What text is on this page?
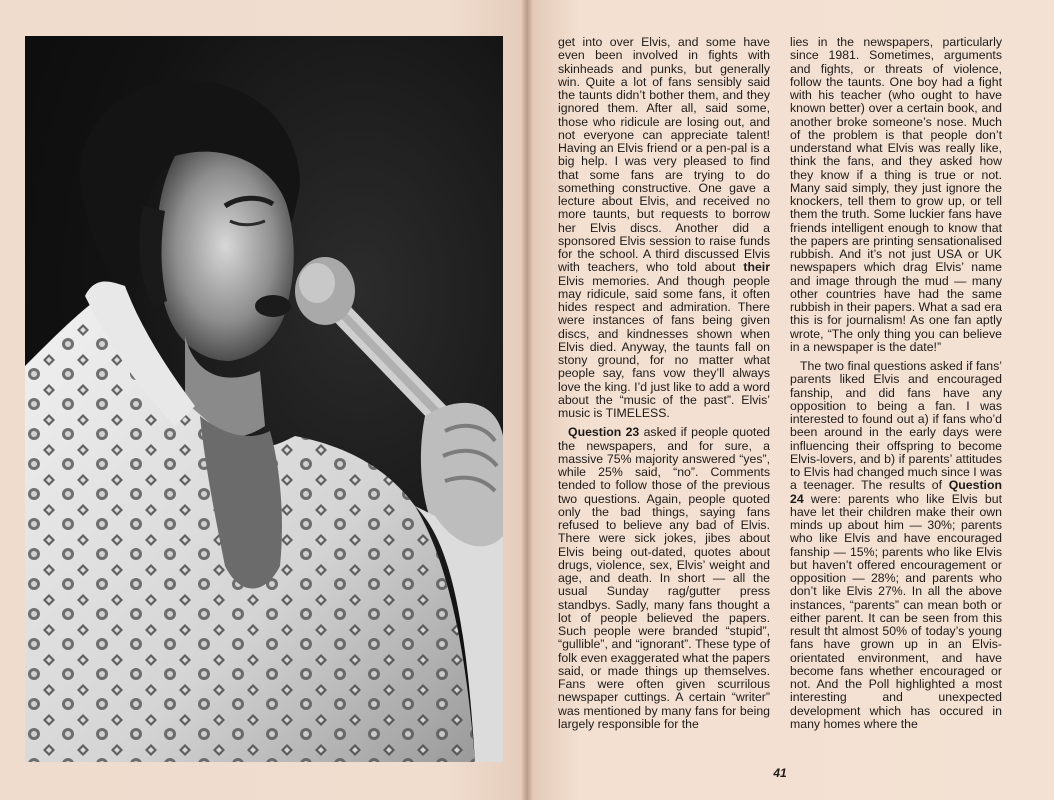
get into over Elvis, and some have even been involved in fights with skinheads and punks, but generally win. Quite a lot of fans sensibly said the taunts didn’t bother them, and they ignored them. After all, said some, those who ridicule are losing out, and not everyone can appreciate talent! Having an Elvis friend or a pen-pal is a big help. I was very pleased to find that some fans are trying to do something constructive. One gave a lecture about Elvis, and received no more taunts, but requests to borrow her Elvis discs. Another did a sponsored Elvis session to raise funds for the school. A third discussed Elvis with teachers, who told about their Elvis memories. And though people may ridicule, said some fans, it often hides respect and admiration. There were instances of fans being given discs, and kindnesses shown when Elvis died. Anyway, the taunts fall on stony ground, for no matter what people say, fans vow they’ll always love the king. I’d just like to add a word about the “music of the past”. Elvis’ music is TIMELESS.

Question 23 asked if people quoted the newspapers, and for sure, a massive 75% majority answered “yes”, while 25% said, “no”. Comments tended to follow those of the previous two questions. Again, people quoted only the bad things, saying fans refused to believe any bad of Elvis. There were sick jokes, jibes about Elvis being out-dated, quotes about drugs, violence, sex, Elvis’ weight and age, and death. In short — all the usual Sunday rag/gutter press standbys. Sadly, many fans thought a lot of people believed the papers. Such people were branded “stupid”, “gullible”, and “ignorant”. These type of folk even exaggerated what the papers said, or made things up themselves. Fans were often given scurrilous newspaper cuttings. A certain “writer” was mentioned by many fans for being largely responsible for the

lies in the newspapers, particularly since 1981. Sometimes, arguments and fights, or threats of violence, follow the taunts. One boy had a fight with his teacher (who ought to have known better) over a certain book, and another broke someone’s nose. Much of the problem is that people don’t understand what Elvis was really like, think the fans, and they asked how they know if a thing is true or not. Many said simply, they just ignore the knockers, tell them to grow up, or tell them the truth. Some luckier fans have friends intelligent enough to know that the papers are printing sensationalised rubbish. And it’s not just USA or UK newspapers which drag Elvis’ name and image through the mud — many other countries have had the same rubbish in their papers. What a sad era this is for journalism! As one fan aptly wrote, “The only thing you can believe in a newspaper is the date!”

The two final questions asked if fans’ parents liked Elvis and encouraged fanship, and did fans have any opposition to being a fan. I was interested to found out a) if fans who’d been around in the early days were influencing their offspring to become Elvis-lovers, and b) if parents’ attitudes to Elvis had changed much since I was a teenager. The results of Question 24 were: parents who like Elvis but have let their children make their own minds up about him — 30%; parents who like Elvis and have encouraged fanship — 15%; parents who like Elvis but haven’t offered encouragement or opposition — 28%; and parents who don’t like Elvis 27%. In all the above instances, “parents” can mean both or either parent. It can be seen from this result tht almost 50% of today’s young fans have grown up in an Elvis-orientated environment, and have become fans whether encouraged or not. And the Poll highlighted a most interesting and unexpected development which has occured in many homes where the

41
